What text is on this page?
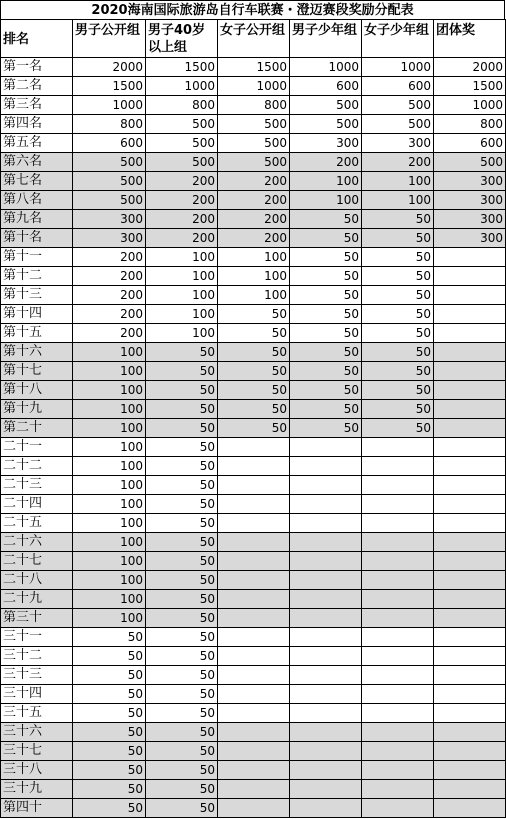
2020海南国际旅游岛自行车联赛・澄迈赛段奖励分配表
排名	男子公开组	男子40岁以上组	女子公开组	男子少年组	女子少年组	团体奖
第一名	2000	1500	1500	1000	1000	2000
第二名	1500	1000	1000	600	600	1500
第三名	1000	800	800	500	500	1000
第四名	800	500	500	500	500	800
第五名	600	500	500	300	300	600
第六名	500	500	500	200	200	500
第七名	500	200	200	100	100	300
第八名	500	200	200	100	100	300
第九名	300	200	200	50	50	300
第十名	300	200	200	50	50	300
第十一	200	100	100	50	50	
第十二	200	100	100	50	50	
第十三	200	100	100	50	50	
第十四	200	100	50	50	50	
第十五	200	100	50	50	50	
第十六	100	50	50	50	50	
第十七	100	50	50	50	50	
第十八	100	50	50	50	50	
第十九	100	50	50	50	50	
第二十	100	50	50	50	50	
二十一	100	50				
二十二	100	50				
二十三	100	50				
二十四	100	50				
二十五	100	50				
二十六	100	50				
二十七	100	50				
二十八	100	50				
二十九	100	50				
第三十	100	50				
三十一	50	50				
三十二	50	50				
三十三	50	50				
三十四	50	50				
三十五	50	50				
三十六	50	50				
三十七	50	50				
三十八	50	50				
三十九	50	50				
第四十	50	50				
